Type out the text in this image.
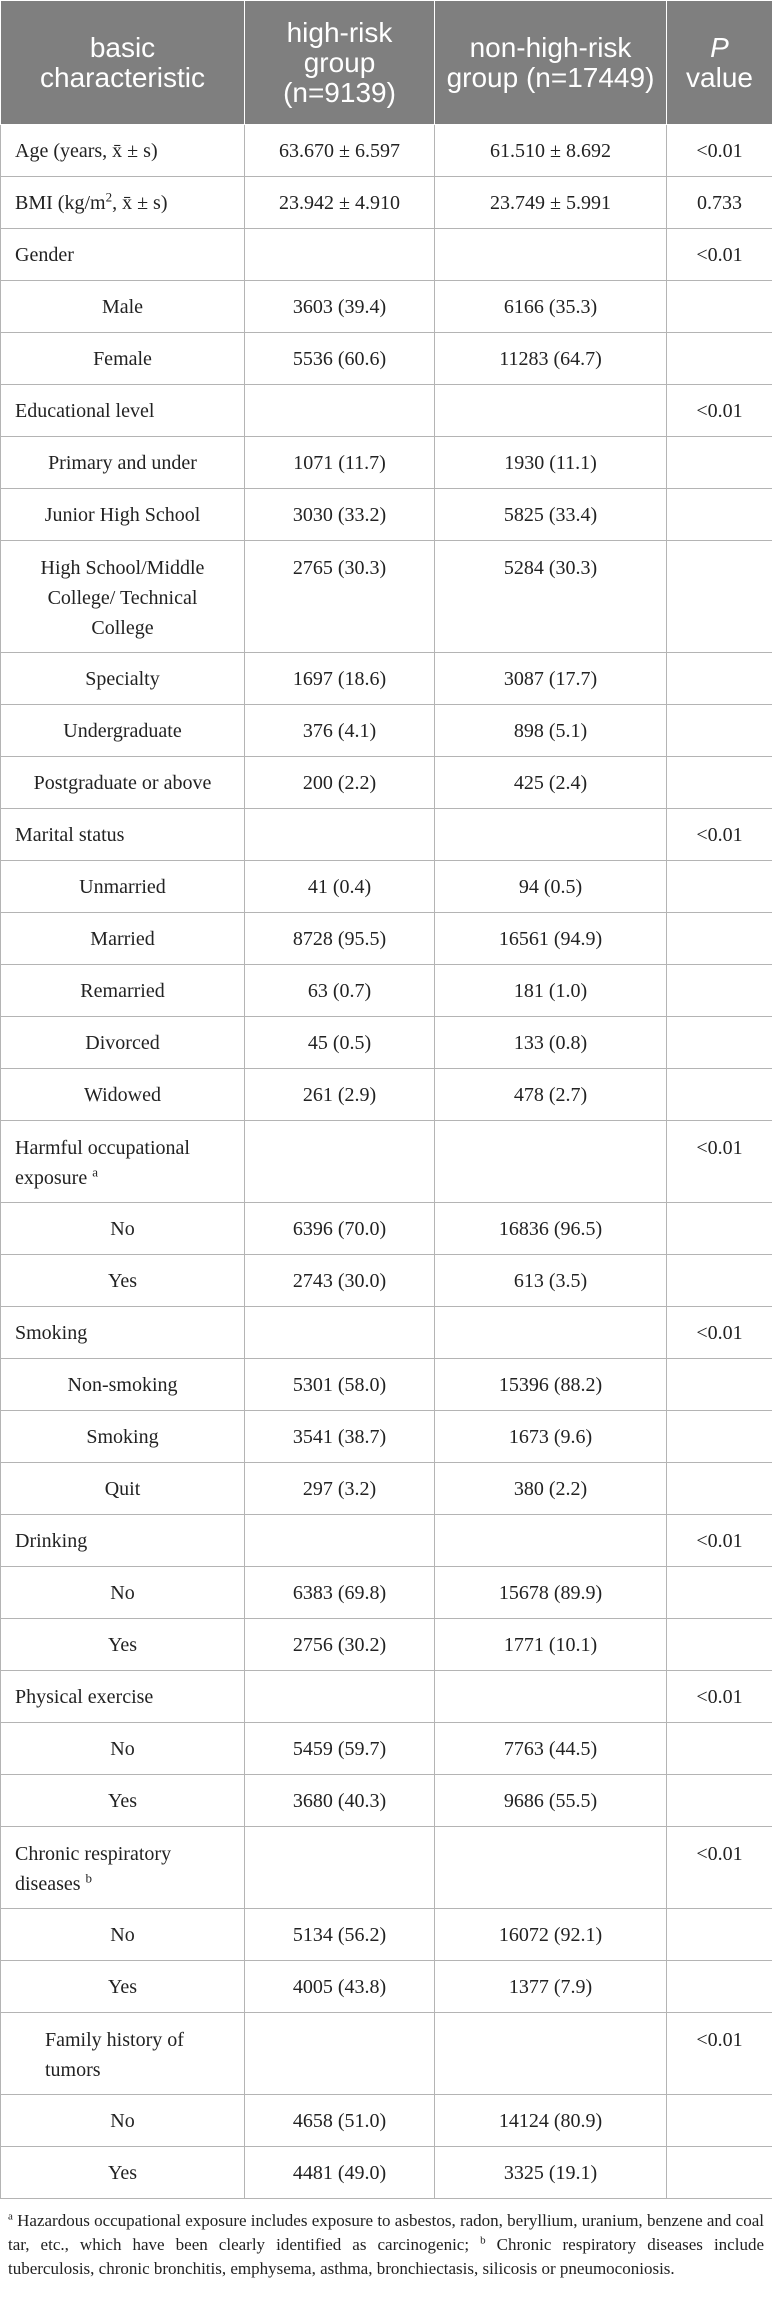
basic characteristic	high-risk group (n=9139)	non-high-risk group (n=17449)	P
value
Age (years, x̄ ± s)	63.670 ± 6.597	61.510 ± 8.692	<0.01
BMI ($kg/m^2$, x̄ ± s)	23.942 ± 4.910	23.749 ± 5.991	0.733
Gender			<0.01
Male	3603 (39.4)	6166 (35.3)	
Female	5536 (60.6)	11283 (64.7)	
Educational level			<0.01
Primary and under	1071 (11.7)	1930 (11.1)	
Junior High School	3030 (33.2)	5825 (33.4)	
High School/Middle College/ Technical College	2765 (30.3)	5284 (30.3)	
Specialty	1697 (18.6)	3087 (17.7)	
Undergraduate	376 (4.1)	898 (5.1)	
Postgraduate or above	200 (2.2)	425 (2.4)	
Marital status			<0.01
Unmarried	41 (0.4)	94 (0.5)	
Married	8728 (95.5)	16561 (94.9)	
Remarried	63 (0.7)	181 (1.0)	
Divorced	45 (0.5)	133 (0.8)	
Widowed	261 (2.9)	478 (2.7)	
Harmful occupational exposure $^a$			<0.01
No	6396 (70.0)	16836 (96.5)	
Yes	2743 (30.0)	613 (3.5)	
Smoking			<0.01
Non-smoking	5301 (58.0)	15396 (88.2)	
Smoking	3541 (38.7)	1673 (9.6)	
Quit	297 (3.2)	380 (2.2)	
Drinking			<0.01
No	6383 (69.8)	15678 (89.9)	
Yes	2756 (30.2)	1771 (10.1)	
Physical exercise			<0.01
No	5459 (59.7)	7763 (44.5)	
Yes	3680 (40.3)	9686 (55.5)	
Chronic respiratory diseases $^b$			<0.01
No	5134 (56.2)	16072 (92.1)	
Yes	4005 (43.8)	1377 (7.9)	
Family history of tumors			<0.01
No	4658 (51.0)	14124 (80.9)	
Yes	4481 (49.0)	3325 (19.1)	
$^a$ Hazardous occupational exposure includes exposure to asbestos, radon, beryllium, uranium, benzene and coal tar, etc., which have been clearly identified as carcinogenic; $^b$ Chronic respiratory diseases include tuberculosis, chronic bronchitis, emphysema, asthma, bronchiectasis, silicosis or pneumoconiosis.
